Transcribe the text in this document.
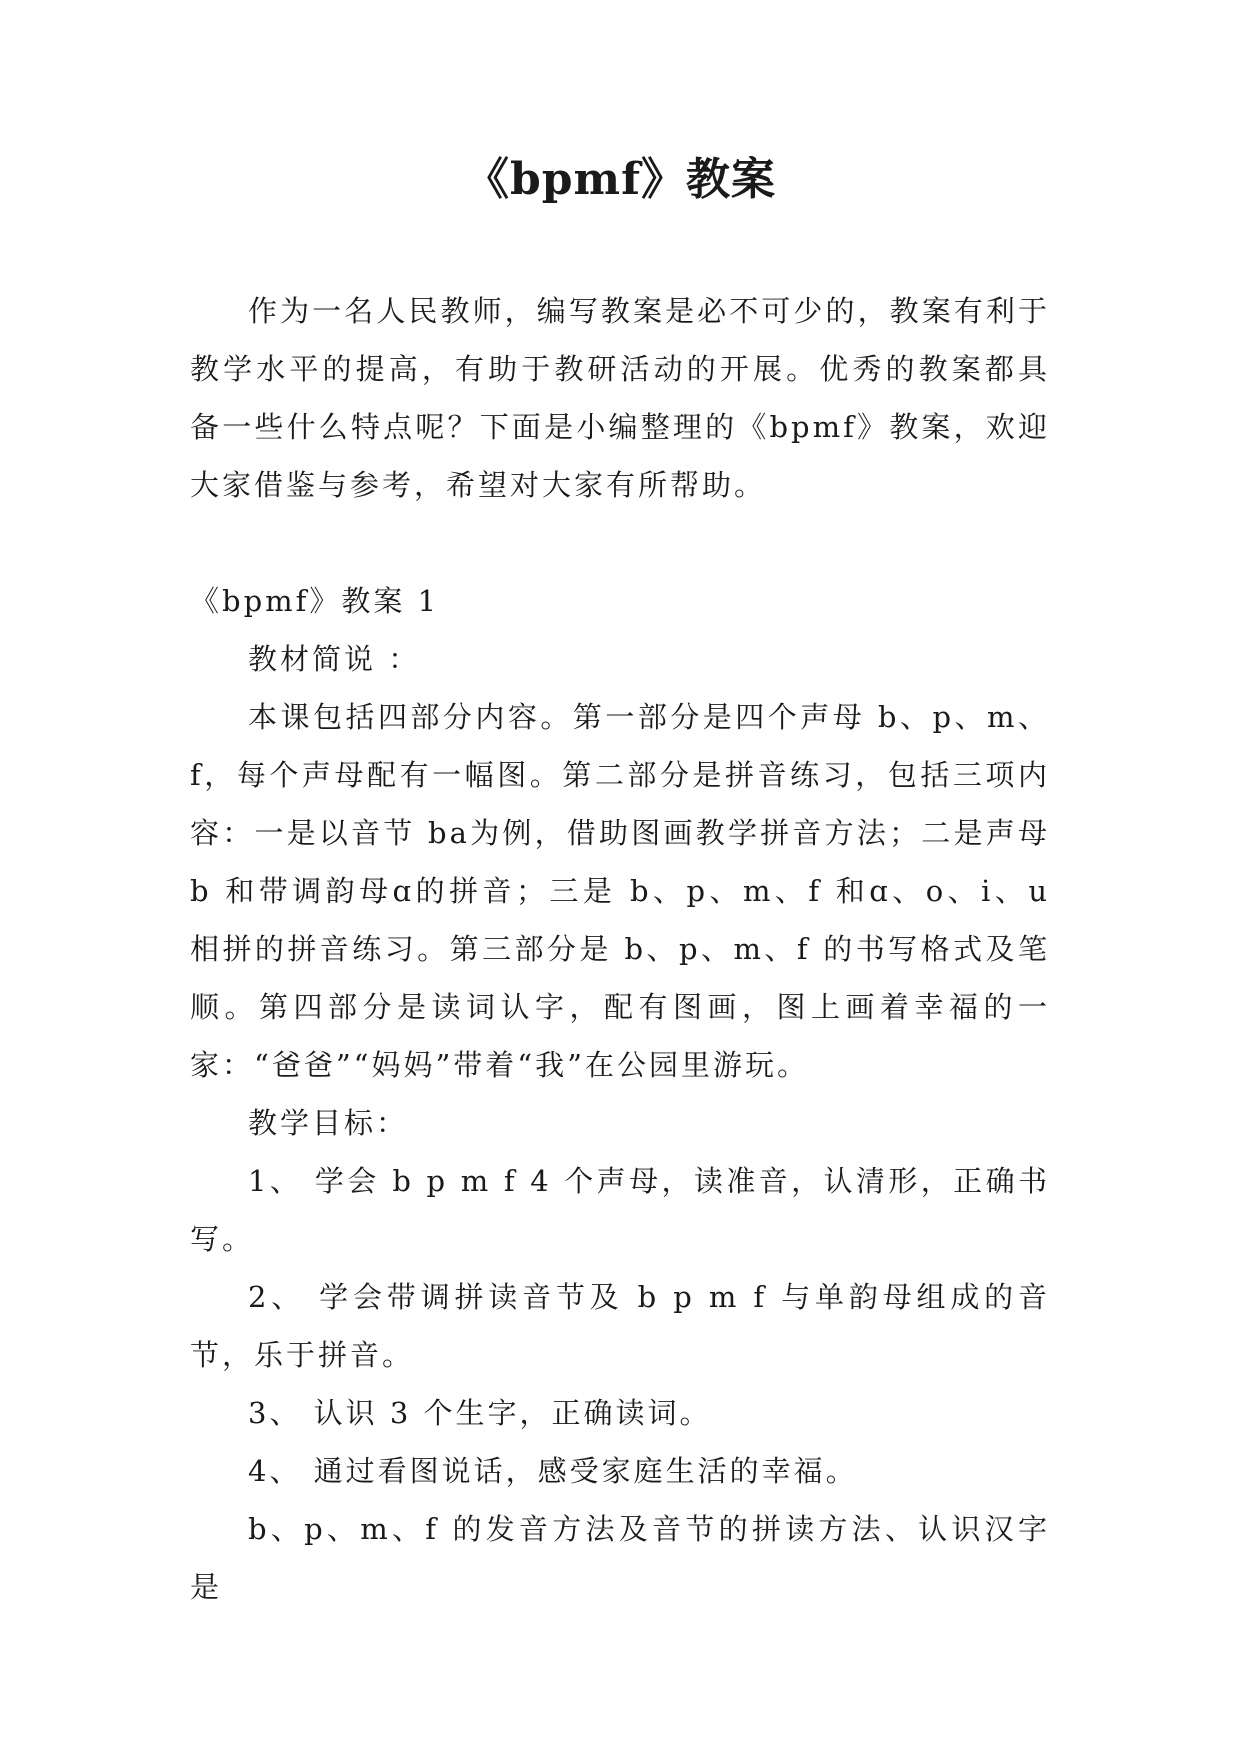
《bpmf》教案

作为一名人民教师，编写教案是必不可少的，教案有利于教学水平的提高，有助于教研活动的开展。优秀的教案都具备一些什么特点呢？下面是小编整理的《bpmf》教案，欢迎大家借鉴与参考，希望对大家有所帮助。

《bpmf》教案 1

教材简说 ：

本课包括四部分内容。第一部分是四个声母 b、p、m、f，每个声母配有一幅图。第二部分是拼音练习，包括三项内容：一是以音节 ba为例，借助图画教学拼音方法；二是声母 b 和带调韵母ɑ的拼音；三是 b、p、m、f 和ɑ、o、i、u 相拼的拼音练习。第三部分是 b、p、m、f 的书写格式及笔顺。第四部分是读词认字，配有图画，图上画着幸福的一家：“爸爸”“妈妈”带着“我”在公园里游玩。

教学目标：

1、 学会 b p m f 4 个声母，读准音，认清形，正确书写。

2、 学会带调拼读音节及 b p m f 与单韵母组成的音节，乐于拼音。

3、 认识 3 个生字，正确读词。

4、 通过看图说话，感受家庭生活的幸福。

b、p、m、f 的发音方法及音节的拼读方法、认识汉字是
